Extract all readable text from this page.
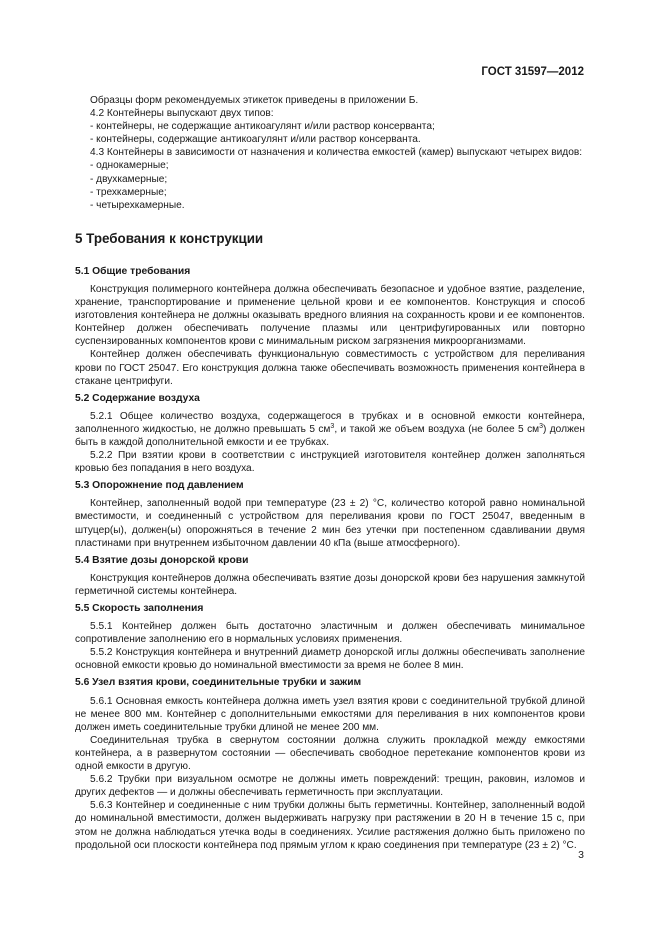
ГОСТ 31597—2012

Образцы форм рекомендуемых этикеток приведены в приложении Б.

4.2 Контейнеры выпускают двух типов:

- контейнеры, не содержащие антикоагулянт и/или раствор консерванта;

- контейнеры, содержащие антикоагулянт и/или раствор консерванта.

4.3 Контейнеры в зависимости от назначения и количества емкостей (камер) выпускают четырех видов:

- однокамерные;

- двухкамерные;

- трехкамерные;

- четырехкамерные.

5 Требования к конструкции
5.1 Общие требования

Конструкция полимерного контейнера должна обеспечивать безопасное и удобное взятие, разделение, хранение, транспортирование и применение цельной крови и ее компонентов. Конструкция и способ изготовления контейнера не должны оказывать вредного влияния на сохранность крови и ее компонентов. Контейнер должен обеспечивать получение плазмы или центрифугированных или повторно суспензированных компонентов крови с минимальным риском загрязнения микроорганизмами.

Контейнер должен обеспечивать функциональную совместимость с устройством для переливания крови по ГОСТ 25047. Его конструкция должна также обеспечивать возможность применения контейнера в стакане центрифуги.

5.2 Содержание воздуха

5.2.1 Общее количество воздуха, содержащегося в трубках и в основной емкости контейнера, заполненного жидкостью, не должно превышать 5 $см^3$, и такой же объем воздуха (не более 5 $см^3$) должен быть в каждой дополнительной емкости и ее трубках.

5.2.2 При взятии крови в соответствии с инструкцией изготовителя контейнер должен заполняться кровью без попадания в него воздуха.

5.3 Опорожнение под давлением

Контейнер, заполненный водой при температуре (23 ± 2) °С, количество которой равно номинальной вместимости, и соединенный с устройством для переливания крови по ГОСТ 25047, введенным в штуцер(ы), должен(ы) опорожняться в течение 2 мин без утечки при постепенном сдавливании двумя пластинами при внутреннем избыточном давлении 40 кПа (выше атмосферного).

5.4 Взятие дозы донорской крови

Конструкция контейнеров должна обеспечивать взятие дозы донорской крови без нарушения замкнутой герметичной системы контейнера.

5.5 Скорость заполнения

5.5.1 Контейнер должен быть достаточно эластичным и должен обеспечивать минимальное сопротивление заполнению его в нормальных условиях применения.

5.5.2 Конструкция контейнера и внутренний диаметр донорской иглы должны обеспечивать заполнение основной емкости кровью до номинальной вместимости за время не более 8 мин.

5.6 Узел взятия крови, соединительные трубки и зажим

5.6.1 Основная емкость контейнера должна иметь узел взятия крови с соединительной трубкой длиной не менее 800 мм. Контейнер с дополнительными емкостями для переливания в них компонентов крови должен иметь соединительные трубки длиной не менее 200 мм.

Соединительная трубка в свернутом состоянии должна служить прокладкой между емкостями контейнера, а в развернутом состоянии — обеспечивать свободное перетекание компонентов крови из одной емкости в другую.

5.6.2 Трубки при визуальном осмотре не должны иметь повреждений: трещин, раковин, изломов и других дефектов — и должны обеспечивать герметичность при эксплуатации.

5.6.3 Контейнер и соединенные с ним трубки должны быть герметичны. Контейнер, заполненный водой до номинальной вместимости, должен выдерживать нагрузку при растяжении в 20 Н в течение 15 с, при этом не должна наблюдаться утечка воды в соединениях. Усилие растяжения должно быть приложено по продольной оси плоскости контейнера под прямым углом к краю соединения при температуре (23 ± 2) °С.

3
